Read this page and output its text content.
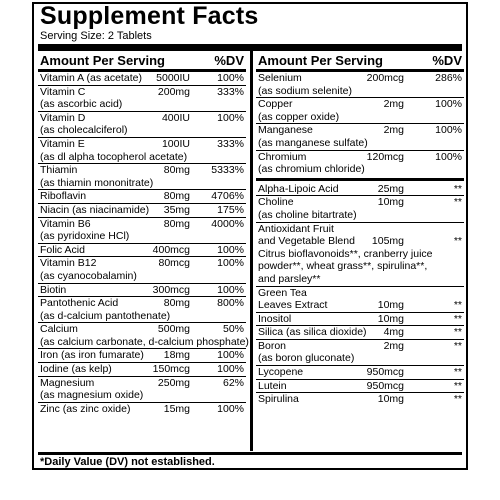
Supplement Facts
Serving Size: 2 Tablets
Amount Per Serving	%DV
Vitamin A (as acetate) 5000IU	100%
Vitamin C	200mg	333%
(as ascorbic acid)
Vitamin D	400IU	100%
(as cholecalciferol)
Vitamin E	100IU	333%
(as dl alpha tocopherol acetate)
Thiamin	80mg 5333%
(as thiamin mononitrate)
Riboflavin	80mg 4706%
Niacin (as niacinamide) 35mg	175%
Vitamin B6	80mg 4000%
(as pyridoxine HCl)
Folic Acid	400mcg	100%
Vitamin B12	80mcg	100%
(as cyanocobalamin)
Biotin	300mcg	100%
Pantothenic Acid	80mg	800%
(as d-calcium pantothenate)
Calcium	500mg	50%
(as calcium carbonate, d-calcium phosphate)
Iron (as iron fumarate) 18mg	100%
Iodine (as kelp)	150mcg	100%
Magnesium	250mg	62%
(as magnesium oxide)
Zinc (as zinc oxide)	15mg	100%
Amount Per Serving	%DV
Selenium	200mcg	286%
(as sodium selenite)
Copper	2mg	100%
(as copper oxide)
Manganese	2mg	100%
(as manganese sulfate)
Chromium	120mcg	100%
(as chromium chloride)
Alpha-Lipoic Acid	25mg	**
Choline	10mg	**
(as choline bitartrate)
Antioxidant Fruit
and Vegetable Blend 105mg	**
Citrus bioflavonoids**, cranberry juice
powder**, wheat grass**, spirulina**,
and parsley**
Green Tea
Leaves Extract	10mg	**
Inositol	10mg	**
Silica (as silica dioxide) 4mg	**
Boron	2mg	**
(as boron gluconate)
Lycopene	950mcg	**
Lutein	950mcg	**
Spirulina	10mg	**
*Daily Value (DV) not established.
